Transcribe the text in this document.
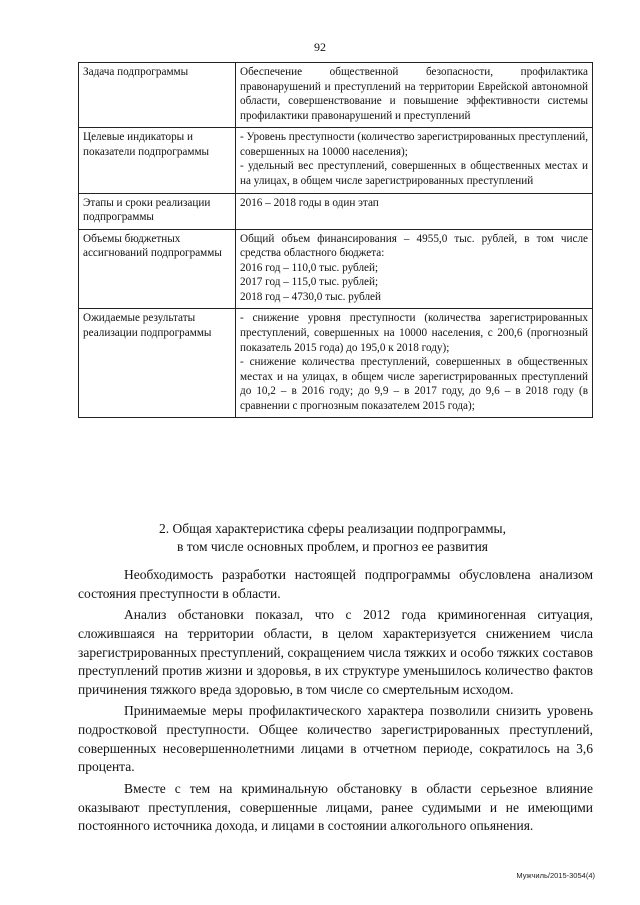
92
Задача подпрограммы	Обеспечение общественной безопасности, профилактика правонарушений и преступлений на территории Еврейской автономной области, совершенствование и повышение эффективности системы профилактики правонарушений и преступлений

Целевые индикаторы и показатели подпрограммы	- Уровень преступности (количество зарегистрированных преступлений, совершенных на 10000 населения);
- удельный вес преступлений, совершенных в общественных местах и на улицах, в общем числе зарегистрированных преступлений

Этапы и сроки реализации подпрограммы	2016 – 2018 годы в один этап

Объемы бюджетных ассигнований подпрограммы	Общий объем финансирования – 4955,0 тыс. рублей, в том числе средства областного бюджета:
2016 год – 110,0 тыс. рублей;
2017 год – 115,0 тыс. рублей;
2018 год – 4730,0 тыс. рублей

Ожидаемые результаты реализации подпрограммы	- снижение уровня преступности (количества зарегистрированных преступлений, совершенных на 10000 населения, с 200,6 (прогнозный показатель 2015 года) до 195,0 к 2018 году);
- снижение количества преступлений, совершенных в общественных местах и на улицах, в общем числе зарегистрированных преступлений до 10,2 – в 2016 году; до 9,9 – в 2017 году, до 9,6 – в 2018 году (в сравнении с прогнозным показателем 2015 года);
2. Общая характеристика сферы реализации подпрограммы,
в том числе основных проблем, и прогноз ее развития

Необходимость разработки настоящей подпрограммы обусловлена анализом состояния преступности в области.

Анализ обстановки показал, что с 2012 года криминогенная ситуация, сложившаяся на территории области, в целом характеризуется снижением числа зарегистрированных преступлений, сокращением числа тяжких и особо тяжких составов преступлений против жизни и здоровья, в их структуре уменьшилось количество фактов причинения тяжкого вреда здоровью, в том числе со смертельным исходом.

Принимаемые меры профилактического характера позволили снизить уровень подростковой преступности. Общее количество зарегистрированных преступлений, совершенных несовершеннолетними лицами в отчетном периоде, сократилось на 3,6 процента.

Вместе с тем на криминальную обстановку в области серьезное влияние оказывают преступления, совершенные лицами, ранее судимыми и не имеющими постоянного источника дохода, и лицами в состоянии алкогольного опьянения.

Мужчиль/2015-3054(4)
